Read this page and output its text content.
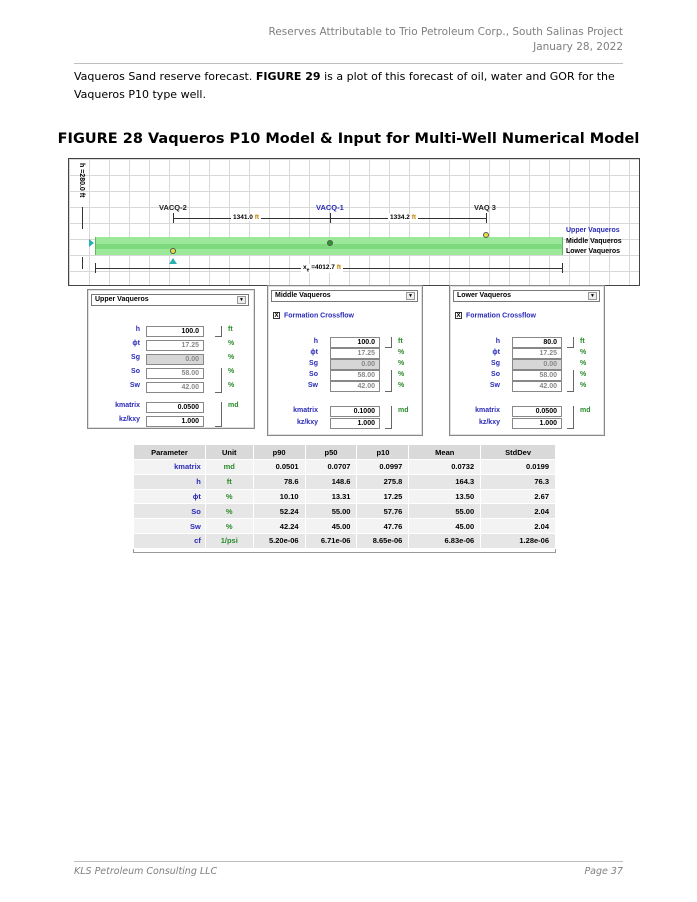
Reserves Attributable to Trio Petroleum Corp., South Salinas Project
January 28, 2022
Vaqueros Sand reserve forecast. FIGURE 29 is a plot of this forecast of oil, water and GOR for the Vaqueros P10 type well.
FIGURE 28 Vaqueros P10 Model & Input for Multi-Well Numerical Model
h =280.0 ft
VACQ-2	VACQ-1	VAQ 3
1341.0 ft	1334.2 ft
Upper Vaqueros
Middle Vaqueros
Lower Vaqueros
$x_e =4012.7$ ft
Upper Vaqueros	▼
h	100.0	ft
ϕt	17.25	%
Sg	0.00	%
So	58.00	%
Sw	42.00	%
kmatrix	0.0500	md
kz/kxy	1.000
Middle Vaqueros	▼
X Formation Crossflow
h	100.0	ft
ϕt	17.25	%
Sg	0.00	%
So	58.00	%
Sw	42.00	%
kmatrix	0.1000	md
kz/kxy	1.000
Lower Vaqueros	▼
X Formation Crossflow
h	80.0	ft
ϕt	17.25	%
Sg	0.00	%
So	58.00	%
Sw	42.00	%
kmatrix	0.0500	md
kz/kxy	1.000
Parameter	Unit	p90	p50	p10	Mean	StdDev
kmatrix	md	0.0501	0.0707	0.0997	0.0732	0.0199
h	ft	78.6	148.6	275.8	164.3	76.3
ϕt	%	10.10	13.31	17.25	13.50	2.67
So	%	52.24	55.00	57.76	55.00	2.04
Sw	%	42.24	45.00	47.76	45.00	2.04
cf	1/psi	5.20e-06	6.71e-06	8.65e-06	6.83e-06	1.28e-06
KLS Petroleum Consulting LLC	Page 37
